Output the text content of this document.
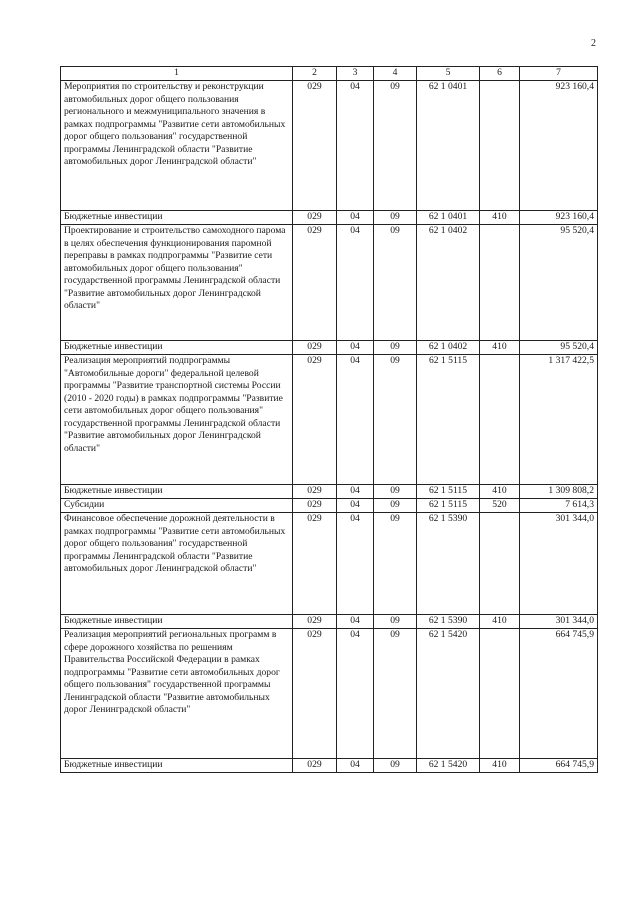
2
1	2	3	4	5	6	7
Мероприятия по строительству и реконструкции автомобильных дорог общего пользования регионального и межмуниципального значения в рамках подпрограммы "Развитие сети автомобильных дорог общего пользования" государственной программы Ленинградской области "Развитие автомобильных дорог Ленинградской области"	029	04	09	62 1 0401		923 160,4
Бюджетные инвестиции	029	04	09	62 1 0401	410	923 160,4
Проектирование и строительство самоходного парома в целях обеспечения функционирования паромной переправы в рамках подпрограммы "Развитие сети автомобильных дорог общего пользования" государственной программы Ленинградской области "Развитие автомобильных дорог Ленинградской области"	029	04	09	62 1 0402		95 520,4
Бюджетные инвестиции	029	04	09	62 1 0402	410	95 520,4
Реализация мероприятий подпрограммы "Автомобильные дороги" федеральной целевой программы "Развитие транспортной системы России (2010 - 2020 годы) в рамках подпрограммы "Развитие сети автомобильных дорог общего пользования" государственной программы Ленинградской области "Развитие автомобильных дорог Ленинградской области"	029	04	09	62 1 5115		1 317 422,5
Бюджетные инвестиции	029	04	09	62 1 5115	410	1 309 808,2
Субсидии	029	04	09	62 1 5115	520	7 614,3
Финансовое обеспечение дорожной деятельности в рамках подпрограммы "Развитие сети автомобильных дорог общего пользования" государственной программы Ленинградской области "Развитие автомобильных дорог Ленинградской области"	029	04	09	62 1 5390		301 344,0
Бюджетные инвестиции	029	04	09	62 1 5390	410	301 344,0
Реализация мероприятий региональных программ в сфере дорожного хозяйства по решениям Правительства Российской Федерации в рамках подпрограммы "Развитие сети автомобильных дорог общего пользования" государственной программы Ленинградской области "Развитие автомобильных дорог Ленинградской области"	029	04	09	62 1 5420		664 745,9
Бюджетные инвестиции	029	04	09	62 1 5420	410	664 745,9
